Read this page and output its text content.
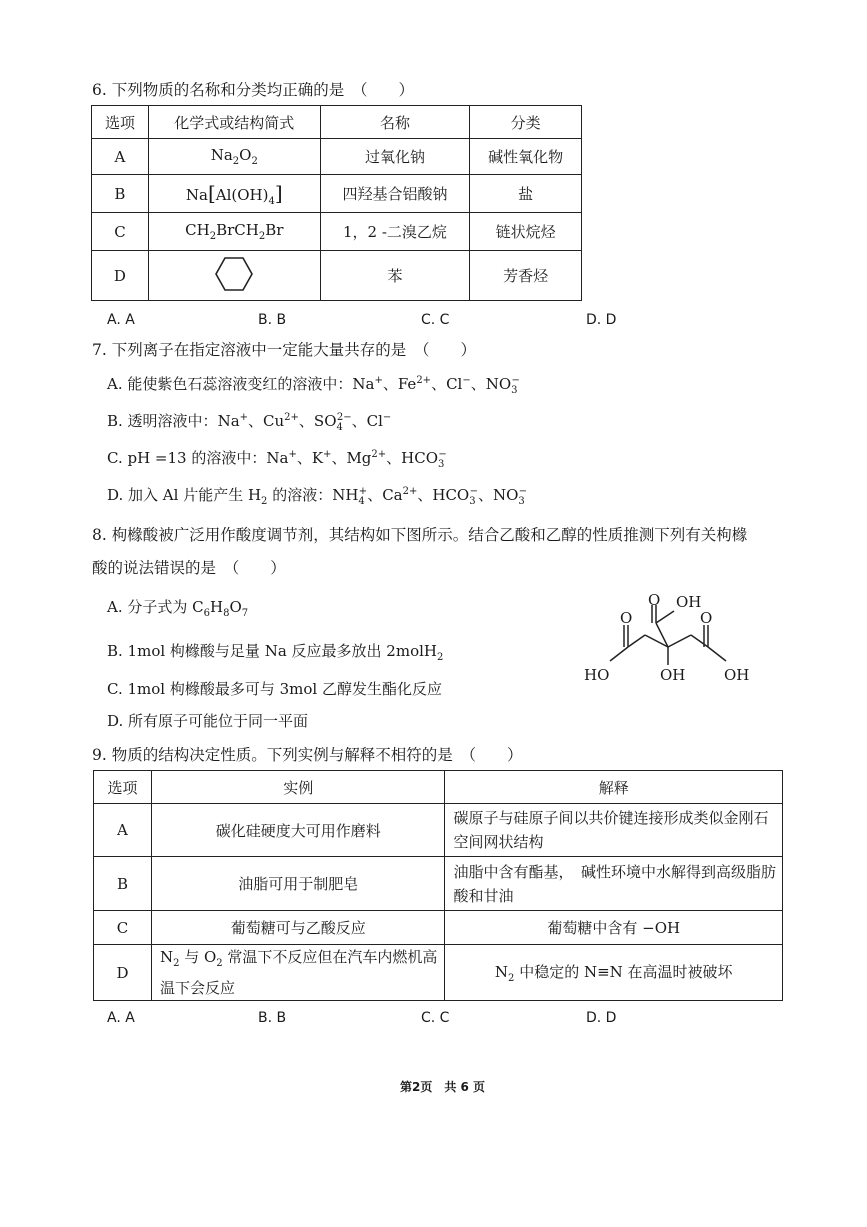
6. 下列物质的名称和分类均正确的是　（　　）
选项	化学式或结构简式	名称	分类
A	$Na_2O_2$	过氧化钠	碱性氧化物
B	$Na[Al(OH)_4]$	四羟基合铝酸钠	盐
C	$CH_2BrCH_2Br$	1，2 -二溴乙烷	链状烷烃
D		苯	芳香烃
A. A	B. B	C. C	D. D
7. 下列离子在指定溶液中一定能大量共存的是　（　　）
A. 能使紫色石蕊溶液变红的溶液中：Na+、$Fe^{2+}$、Cl−、$NO_3^-$
B. 透明溶液中：Na+、$Cu^{2+}$、$SO_4^{2-}$、Cl−
C. pH =13 的溶液中：Na+、K+、$Mg^{2+}$、$HCO_3^-$
D. 加入 Al 片能产生 $H_2$ 的溶液：$NH_4^+$、$Ca^{2+}$、$HCO_3^-$、$NO_3^-$
8. 枸橼酸被广泛用作酸度调节剂，其结构如下图所示。结合乙酸和乙醇的性质推测下列有关枸橼
酸的说法错误的是　（　　）
A. 分子式为 $C_6H_8O_7$
B. 1mol 枸橼酸与足量 Na 反应最多放出 2molH$_2$
C. 1mol 枸橼酸最多可与 3mol 乙醇发生酯化反应
D. 所有原子可能位于同一平面
O OH
O	O
HO	OH	OH
9. 物质的结构决定性质。下列实例与解释不相符的是　（　　）
选项	实例	解释
A	碳化硅硬度大可用作磨料	碳原子与硅原子间以共价键连接形成类似金刚石　空间网状结构
B	油脂可用于制肥皂	油脂中含有酯基，　碱性环境中水解得到高级脂肪酸和甘油
C	葡萄糖可与乙酸反应	葡萄糖中含有 −OH
D	$N_2$ 与 $O_2$ 常温下不反应但在汽车内燃机高温下会反应	$N_2$ 中稳定的 N≡N 在高温时被破坏
A. A	B. B	C. C	D. D
第2页　共 6 页
